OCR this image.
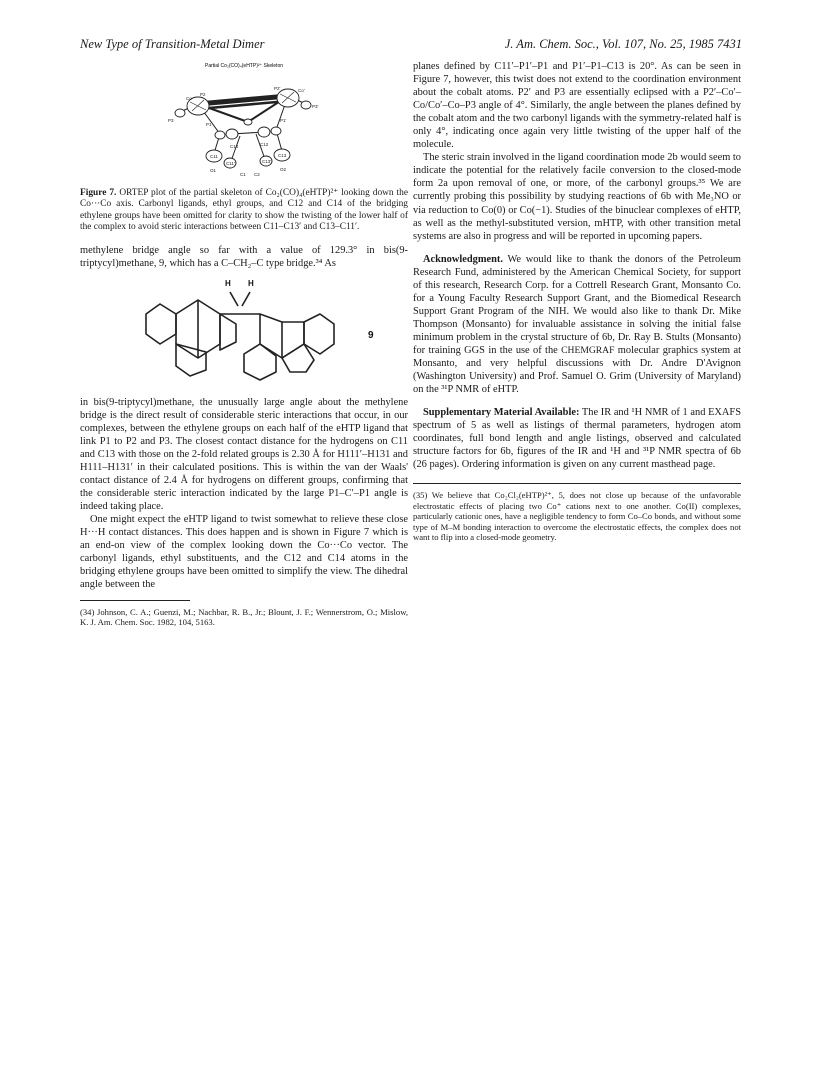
New Type of Transition-Metal Dimer	J. Am. Chem. Soc., Vol. 107, No. 25, 1985 7431
Partial Co₂(CO)₄(eHTP)²⁺ Skeleton
P2
P3
P2'
P3'
P1
P1'
Co
Co'
C11	C13
C11'	C13'
C14	C12
O1	O2
C1 C2

Figure 7. ORTEP plot of the partial skeleton of Co₂(CO)₄(eHTP)²⁺ looking down the Co···Co axis. Carbonyl ligands, ethyl groups, and C12 and C14 of the bridging ethylene groups have been omitted for clarity to show the twisting of the lower half of the complex to avoid steric interactions between C11–C13′ and C13–C11′.

methylene bridge angle so far with a value of 129.3° in bis(9-triptycyl)methane, 9, which has a C–CH₂–C type bridge.³⁴ As

H H
9

in bis(9-triptycyl)methane, the unusually large angle about the methylene bridge is the direct result of considerable steric interactions that occur, in our complexes, between the ethylene groups on each half of the eHTP ligand that link P1 to P2 and P3. The closest contact distance for the hydrogens on C11 and C13 with those on the 2-fold related groups is 2.30 Å for H111′–H131 and H111–H131′ in their calculated positions. This is within the van der Waals' contact distance of 2.4 Å for hydrogens on different groups, confirming that the considerable steric interaction indicated by the large P1–C′–P1 angle is indeed taking place.

One might expect the eHTP ligand to twist somewhat to relieve these close H···H contact distances. This does happen and is shown in Figure 7 which is an end-on view of the complex looking down the Co···Co vector. The carbonyl ligands, ethyl substituents, and the C12 and C14 atoms in the bridging ethylene groups have been omitted to simplify the view. The dihedral angle between the

(34) Johnson, C. A.; Guenzi, M.; Nachbar, R. B., Jr.; Blount, J. F.; Wennerstrom, O.; Mislow, K. J. Am. Chem. Soc. 1982, 104, 5163.

planes defined by C11′–P1′–P1 and P1′–P1–C13 is 20°. As can be seen in Figure 7, however, this twist does not extend to the coordination environment about the cobalt atoms. P2′ and P3 are essentially eclipsed with a P2′–Co′–Co/Co′–Co–P3 angle of 4°. Similarly, the angle between the planes defined by the cobalt atom and the two carbonyl ligands with the symmetry-related half is only 4°, indicating once again very little twisting of the upper half of the molecule.

The steric strain involved in the ligand coordination mode 2b would seem to indicate the potential for the relatively facile conversion to the closed-mode form 2a upon removal of one, or more, of the carbonyl groups.³⁵ We are currently probing this possibility by studying reactions of 6b with Me₃NO or via reduction to Co(0) or Co(−1). Studies of the binuclear complexes of eHTP, as well as the methyl-substituted version, mHTP, with other transition metal systems are also in progress and will be reported in upcoming papers.

Acknowledgment. We would like to thank the donors of the Petroleum Research Fund, administered by the American Chemical Society, for support of this research, Research Corp. for a Cottrell Research Grant, Monsanto Co. for a Young Faculty Research Support Grant, and the Biomedical Research Support Grant Program of the NIH. We would also like to thank Dr. Mike Thompson (Monsanto) for invaluable assistance in solving the initial false minimum problem in the crystal structure of 6b, Dr. Ray B. Stults (Monsanto) for training GGS in the use of the CHEMGRAF molecular graphics system at Monsanto, and very helpful discussions with Dr. Andre D'Avignon (Washington University) and Prof. Samuel O. Grim (University of Maryland) on the ³¹P NMR of eHTP.

Supplementary Material Available: The IR and ¹H NMR of 1 and EXAFS spectrum of 5 as well as listings of thermal parameters, hydrogen atom coordinates, full bond length and angle listings, observed and calculated structure factors for 6b, figures of the IR and ¹H and ³¹P NMR spectra of 6b (26 pages). Ordering information is given on any current masthead page.

(35) We believe that Co₂Cl₂(eHTP)²⁺, 5, does not close up because of the unfavorable electrostatic effects of placing two Co⁺ cations next to one another. Co(II) complexes, particularly cationic ones, have a negligible tendency to form Co–Co bonds, and without some type of M–M bonding interaction to overcome the electrostatic effects, the complex does not want to flip into a closed-mode geometry.
